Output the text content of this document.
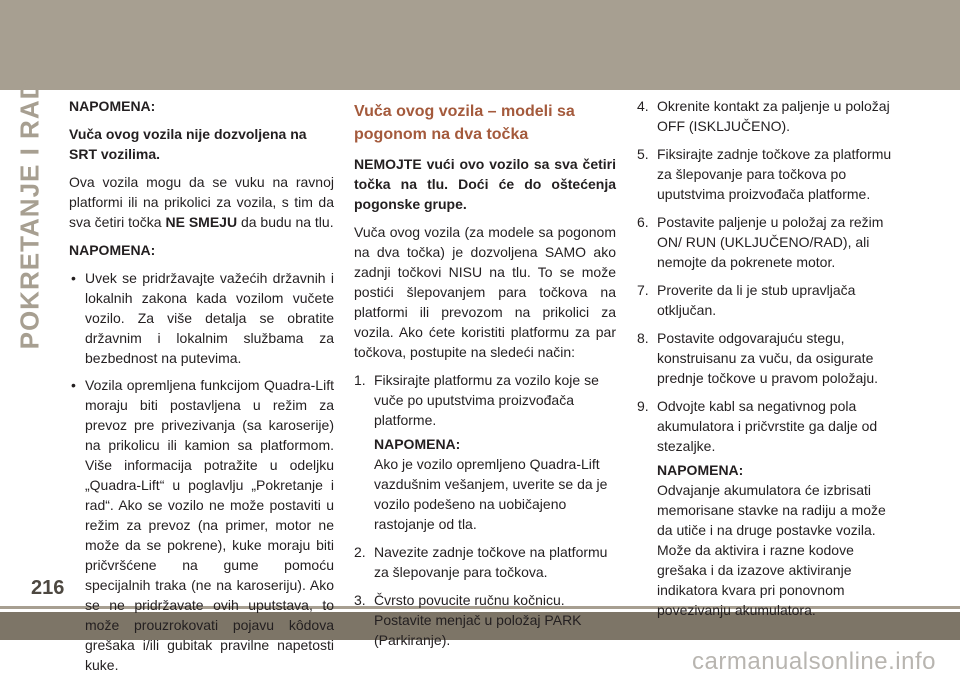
POKRETANJE I RAD
216

NAPOMENA:

Vuča ovog vozila nije dozvoljena na SRT vozilima.

Ova vozila mogu da se vuku na ravnoj platformi ili na prikolici za vozila, s tim da sva četiri točka NE SMEJU da budu na tlu.

NAPOMENA:

• Uvek se pridržavajte važećih državnih i lokalnih zakona kada vozilom vučete vozilo. Za više detalja se obratite državnim i lokalnim službama za bezbednost na putevima.
• Vozila opremljena funkcijom Quadra-Lift moraju biti postavljena u režim za prevoz pre privezivanja (sa karoserije) na prikolicu ili kamion sa platformom. Više informacija potražite u odeljku „Quadra-Lift“ u poglavlju „Pokretanje i rad“. Ako se vozilo ne može postaviti u režim za prevoz (na primer, motor ne može da se pokrene), kuke moraju biti pričvršćene na gume pomoću specijalnih traka (ne na karoseriju). Ako se ne pridržavate ovih uputstava, to može prouzrokovati pojavu kôdova grešaka i/ili gubitak pravilne napetosti kuke.
Vuča ovog vozila – modeli sa pogonom na dva točka

NEMOJTE vući ovo vozilo sa sva četiri točka na tlu. Doći će do oštećenja pogonske grupe.

Vuča ovog vozila (za modele sa pogonom na dva točka) je dozvoljena SAMO ako zadnji točkovi NISU na tlu. To se može postići šlepovanjem para točkova na platformi ili prevozom na prikolici za vozila. Ako ćete koristiti platformu za par točkova, postupite na sledeći način:

1. Fiksirajte platformu za vozilo koje se vuče po uputstvima proizvođača platforme.
NAPOMENA:
Ako je vozilo opremljeno Quadra-Lift vazdušnim vešanjem, uverite se da je vozilo podešeno na uobičajeno rastojanje od tla.
2. Navezite zadnje točkove na platformu za šlepovanje para točkova.
3. Čvrsto povucite ručnu kočnicu. Postavite menjač u položaj PARK (Parkiranje).
4. Okrenite kontakt za paljenje u položaj OFF (ISKLJUČENO).
5. Fiksirajte zadnje točkove za platformu za šlepovanje para točkova po uputstvima proizvođača platforme.
6. Postavite paljenje u položaj za režim ON/ RUN (UKLJUČENO/RAD), ali nemojte da pokrenete motor.
7. Proverite da li je stub upravljača otključan.
8. Postavite odgovarajuću stegu, konstruisanu za vuču, da osigurate prednje točkove u pravom položaju.
9. Odvojte kabl sa negativnog pola akumulatora i pričvrstite ga dalje od stezaljke.
NAPOMENA:
Odvajanje akumulatora će izbrisati memorisane stavke na radiju a može da utiče i na druge postavke vozila. Može da aktivira i razne kodove grešaka i da izazove aktiviranje indikatora kvara pri ponovnom povezivanju akumulatora.
carmanualsonline.info
